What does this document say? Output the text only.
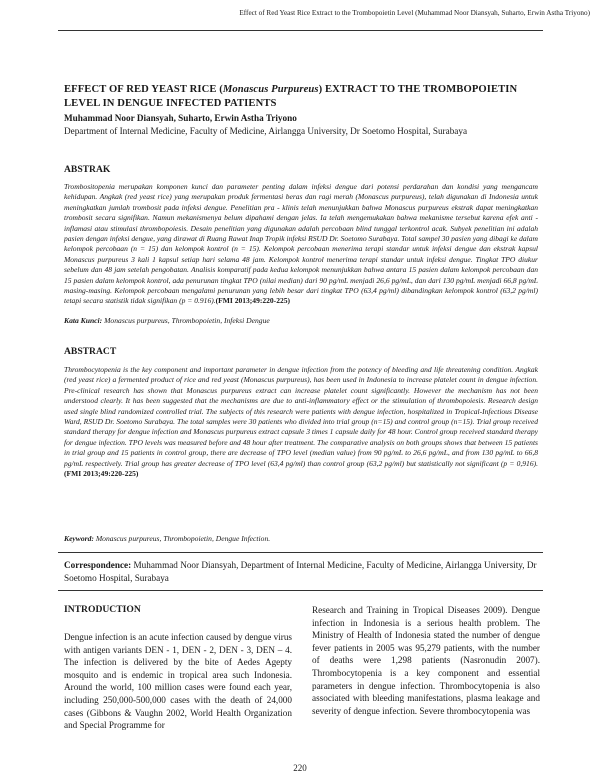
Effect of Red Yeast Rice Extract to the Trombopoietin Level (Muhammad Noor Diansyah, Suharto, Erwin Astha Triyono)
EFFECT OF RED YEAST RICE (Monascus Purpureus) EXTRACT TO THE TROMBOPOIETIN LEVEL IN DENGUE INFECTED PATIENTS
Muhammad Noor Diansyah, Suharto, Erwin Astha Triyono
Department of Internal Medicine, Faculty of Medicine, Airlangga University, Dr Soetomo Hospital, Surabaya
ABSTRAK
Trombositopenia merupakan komponen kunci dan parameter penting dalam infeksi dengue dari potensi perdarahan dan kondisi yang mengancam kehidupan. Angkak (red yeast rice) yang merupakan produk fermentasi beras dan ragi merah (Monascus purpureus), telah digunakan di Indonesia untuk meningkatkan jumlah trombosit pada infeksi dengue. Penelitian pra - klinis telah menunjukkan bahwa Monascus purpureus ekstrak dapat meningkatkan trombosit secara signifikan. Namun mekanismenya belum dipahami dengan jelas. Ia telah mengemukakan bahwa mekanisme tersebut karena efek anti - inflamasi atau stimulasi thrombopoiesis. Desain penelitian yang digunakan adalah percobaan blind tunggal terkontrol acak. Subyek penelitian ini adalah pasien dengan infeksi dengue, yang dirawat di Ruang Rawat Inap Tropik infeksi RSUD Dr. Soetomo Surabaya. Total sampel 30 pasien yang dibagi ke dalam kelompok percobaan (n = 15) dan kelompok kontrol (n = 15). Kelompok percobaan menerima terapi standar untuk infeksi dengue dan ekstrak kapsul Monascus purpureus 3 kali 1 kapsul setiap hari selama 48 jam. Kelompok kontrol menerima terapi standar untuk infeksi dengue. Tingkat TPO diukur sebelum dan 48 jam setelah pengobatan. Analisis komparatif pada kedua kelompok menunjukkan bahwa antara 15 pasien dalam kelompok percobaan dan 15 pasien dalam kelompok kontrol, ada penurunan tingkat TPO (nilai median) dari 90 pg/mL menjadi 26,6 pg/mL, dan dari 130 pg/mL menjadi 66,8 pg/mL masing-masing. Kelompok percobaan mengalami penurunan yang lebih besar dari tingkat TPO (63,4 pg/ml) dibandingkan kelompok kontrol (63,2 pg/ml) tetapi secara statistik tidak signifikan (p = 0.916).(FMI 2013;49:220-225)
Kata Kunci: Monascus purpureus, Thrombopoietin, Infeksi Dengue
ABSTRACT
Thrombocytopenia is the key component and important parameter in dengue infection from the potency of bleeding and life threatening condition. Angkak (red yeast rice) a fermented product of rice and red yeast (Monascus purpureus), has been used in Indonesia to increase platelet count in dengue infection. Pre-clinical research has shown that Monascus purpureus extract can increase platelet count significantly. However the mechanism has not been understood clearly. It has been suggested that the mechanisms are due to anti-inflammatory effect or the stimulation of thrombopoiesis. Research design used single blind randomized controlled trial. The subjects of this research were patients with dengue infection, hospitalized in Tropical-Infectious Disease Ward, RSUD Dr. Soetomo Surabaya. The total samples were 30 patients who divided into trial group (n=15) and control group (n=15). Trial group received standard therapy for dengue infection and Monascus purpureus extract capsule 3 times 1 capsule daily for 48 hour. Control group received standard therapy for dengue infection. TPO levels was measured before and 48 hour after treatment. The comparative analysis on both groups shows that between 15 patients in trial group and 15 patients in control group, there are decrease of TPO level (median value) from 90 pg/mL to 26,6 pg/mL, and from 130 pg/mL to 66,8 pg/mL respectively. Trial group has greater decrease of TPO level (63,4 pg/ml) than control group (63,2 pg/ml) but statistically not significant (p = 0,916).(FMI 2013;49:220-225)
Keyword: Monascus purpureus, Thrombopoietin, Dengue Infection.
Correspondence: Muhammad Noor Diansyah, Department of Internal Medicine, Faculty of Medicine, Airlangga University, Dr Soetomo Hospital, Surabaya
INTRODUCTION
Dengue infection is an acute infection caused by dengue virus with antigen variants DEN - 1, DEN - 2, DEN - 3, DEN – 4. The infection is delivered by the bite of Aedes Agepty mosquito and is endemic in tropical area such Indonesia. Around the world, 100 million cases were found each year, including 250,000-500,000 cases with the death of 24,000 cases (Gibbons & Vaughn 2002, World Health Organization and Special Programme for
Research and Training in Tropical Diseases 2009). Dengue infection in Indonesia is a serious health problem. The Ministry of Health of Indonesia stated the number of dengue fever patients in 2005 was 95,279 patients, with the number of deaths were 1,298 patients (Nasronudin 2007). Thrombocytopenia is a key component and essential parameters in dengue infection. Thrombocytopenia is also associated with bleeding manifestations, plasma leakage and severity of dengue infection. Severe thrombocytopenia was
220
